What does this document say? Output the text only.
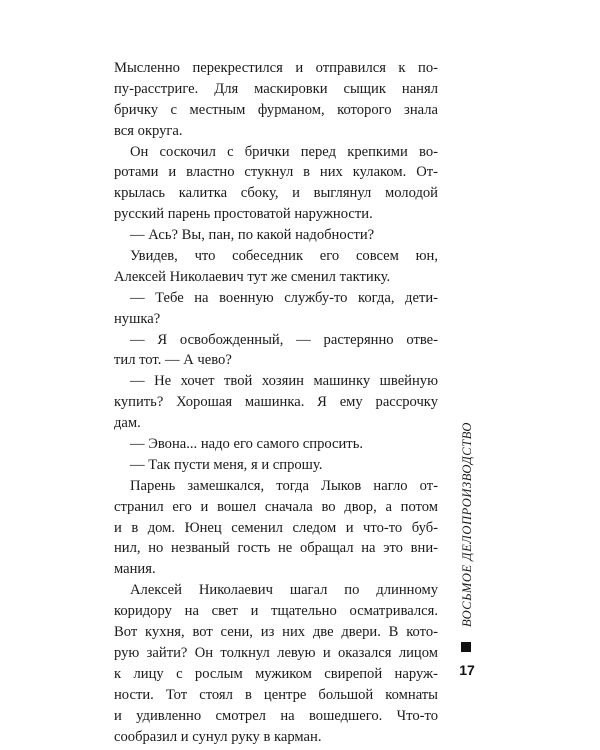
Мысленно перекрестился и отправился к по-
пу-расстриге. Для маскировки сыщик нанял
бричку с местным фурманом, которого знала
вся округа.
Он соскочил с брички перед крепкими во-
ротами и властно стукнул в них кулаком. От-
крылась калитка сбоку, и выглянул молодой
русский парень простоватой наружности.
— Ась? Вы, пан, по какой надобности?
Увидев, что собеседник его совсем юн,
Алексей Николаевич тут же сменил тактику.
— Тебе на военную службу-то когда, дети-
нушка?
— Я освобожденный, — растерянно отве-
тил тот. — А чево?
— Не хочет твой хозяин машинку швейную
купить? Хорошая машинка. Я ему рассрочку
дам.
— Эвона... надо его самого спросить.
— Так пусти меня, я и спрошу.
Парень замешкался, тогда Лыков нагло от-
странил его и вошел сначала во двор, а потом
и в дом. Юнец семенил следом и что-то буб-
нил, но незваный гость не обращал на это вни-
мания.
Алексей Николаевич шагал по длинному
коридору на свет и тщательно осматривался.
Вот кухня, вот сени, из них две двери. В кото-
рую зайти? Он толкнул левую и оказался лицом
к лицу с рослым мужиком свирепой наруж-
ности. Тот стоял в центре большой комнаты
и удивленно смотрел на вошедшего. Что-то
сообразил и сунул руку в карман.
ВОСЬМОЕ ДЕЛОПРОИЗВОДСТВО
17
